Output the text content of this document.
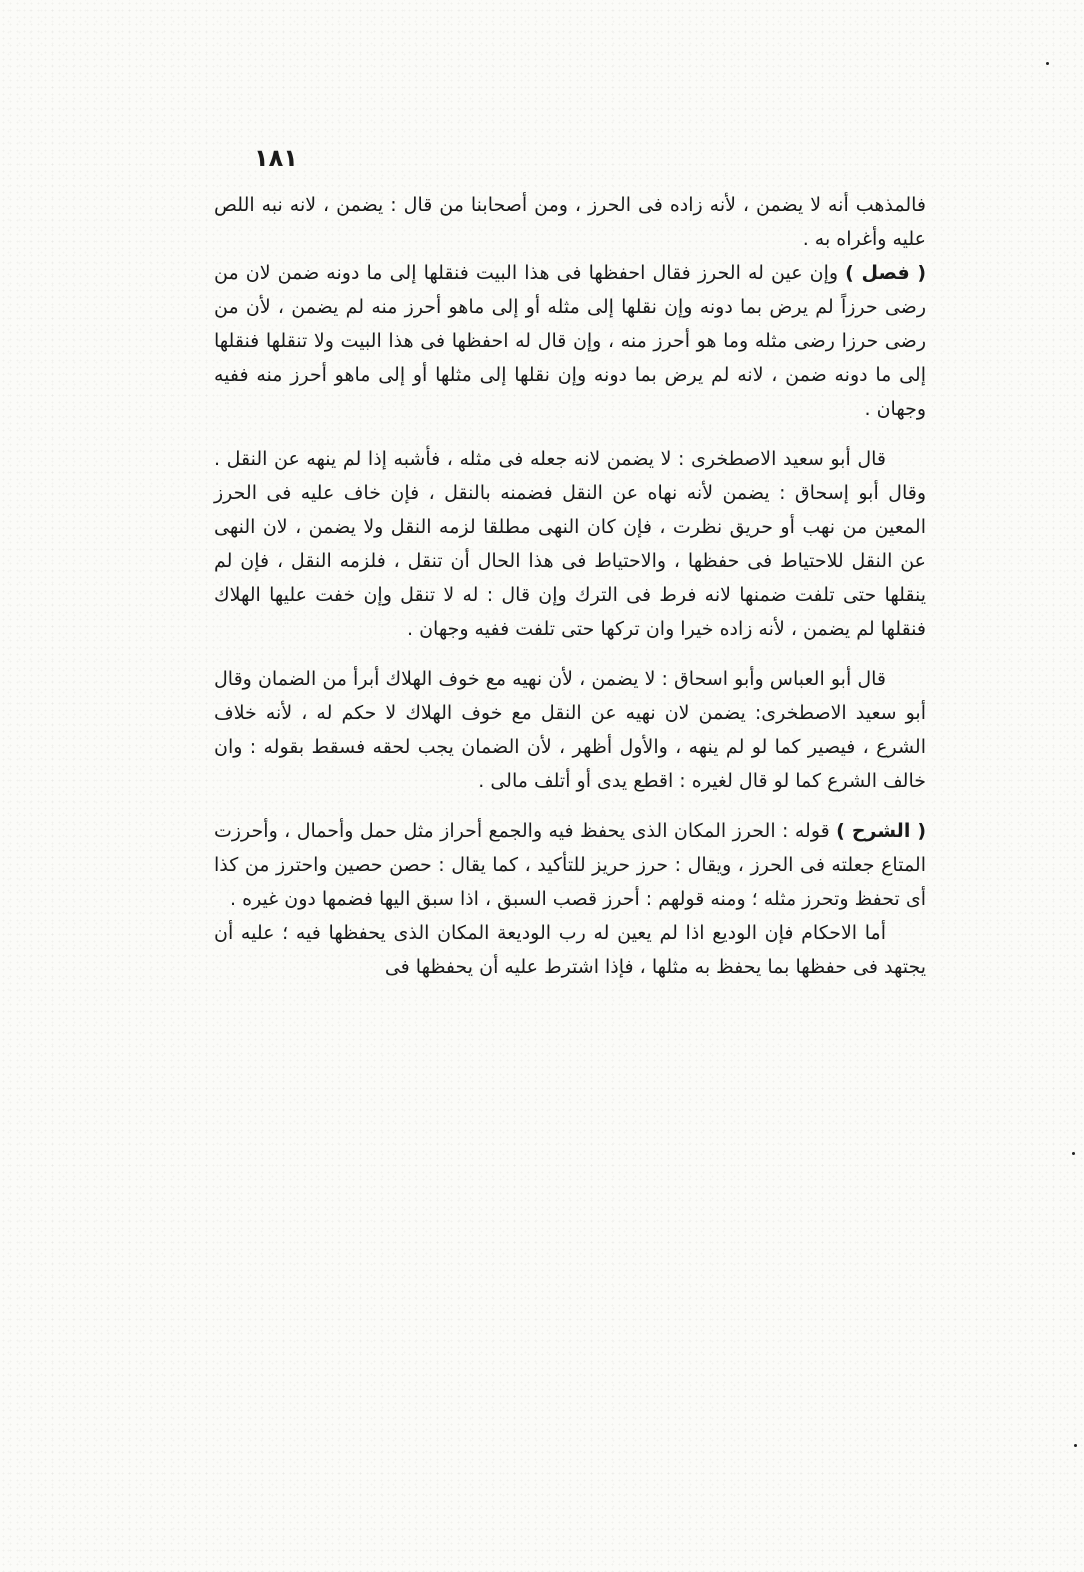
١٨١

فالمذهب أنه لا يضمن ، لأنه زاده فى الحرز ، ومن أصحابنا من قال : يضمن ، لانه نبه اللص عليه وأغراه به .

( فصل ) وإن عين له الحرز فقال احفظها فى هذا البيت فنقلها إلى ما دونه ضمن لان من رضى حرزاً لم يرض بما دونه وإن نقلها إلى مثله أو إلى ماهو أحرز منه لم يضمن ، لأن من رضى حرزا رضى مثله وما هو أحرز منه ، وإن قال له احفظها فى هذا البيت ولا تنقلها فنقلها إلى ما دونه ضمن ، لانه لم يرض بما دونه وإن نقلها إلى مثلها أو إلى ماهو أحرز منه ففيه وجهان .

قال أبو سعيد الاصطخرى : لا يضمن لانه جعله فى مثله ، فأشبه إذا لم ينهه عن النقل . وقال أبو إسحاق : يضمن لأنه نهاه عن النقل فضمنه بالنقل ، فإن خاف عليه فى الحرز المعين من نهب أو حريق نظرت ، فإن كان النهى مطلقا لزمه النقل ولا يضمن ، لان النهى عن النقل للاحتياط فى حفظها ، والاحتياط فى هذا الحال أن تنقل ، فلزمه النقل ، فإن لم ينقلها حتى تلفت ضمنها لانه فرط فى الترك وإن قال : له لا تنقل وإن خفت عليها الهلاك فنقلها لم يضمن ، لأنه زاده خيرا وان تركها حتى تلفت ففيه وجهان .

قال أبو العباس وأبو اسحاق : لا يضمن ، لأن نهيه مع خوف الهلاك أبرأ من الضمان وقال أبو سعيد الاصطخرى: يضمن لان نهيه عن النقل مع خوف الهلاك لا حكم له ، لأنه خلاف الشرع ، فيصير كما لو لم ينهه ، والأول أظهر ، لأن الضمان يجب لحقه فسقط بقوله : وان خالف الشرع كما لو قال لغيره : اقطع يدى أو أتلف مالى .

( الشرح ) قوله : الحرز المكان الذى يحفظ فيه والجمع أحراز مثل حمل وأحمال ، وأحرزت المتاع جعلته فى الحرز ، ويقال : حرز حريز للتأكيد ، كما يقال : حصن حصين واحترز من كذا أى تحفظ وتحرز مثله ؛ ومنه قولهم : أحرز قصب السبق ، اذا سبق اليها فضمها دون غيره .

أما الاحكام فإن الوديع اذا لم يعين له رب الوديعة المكان الذى يحفظها فيه ؛ عليه أن يجتهد فى حفظها بما يحفظ به مثلها ، فإذا اشترط عليه أن يحفظها فى
